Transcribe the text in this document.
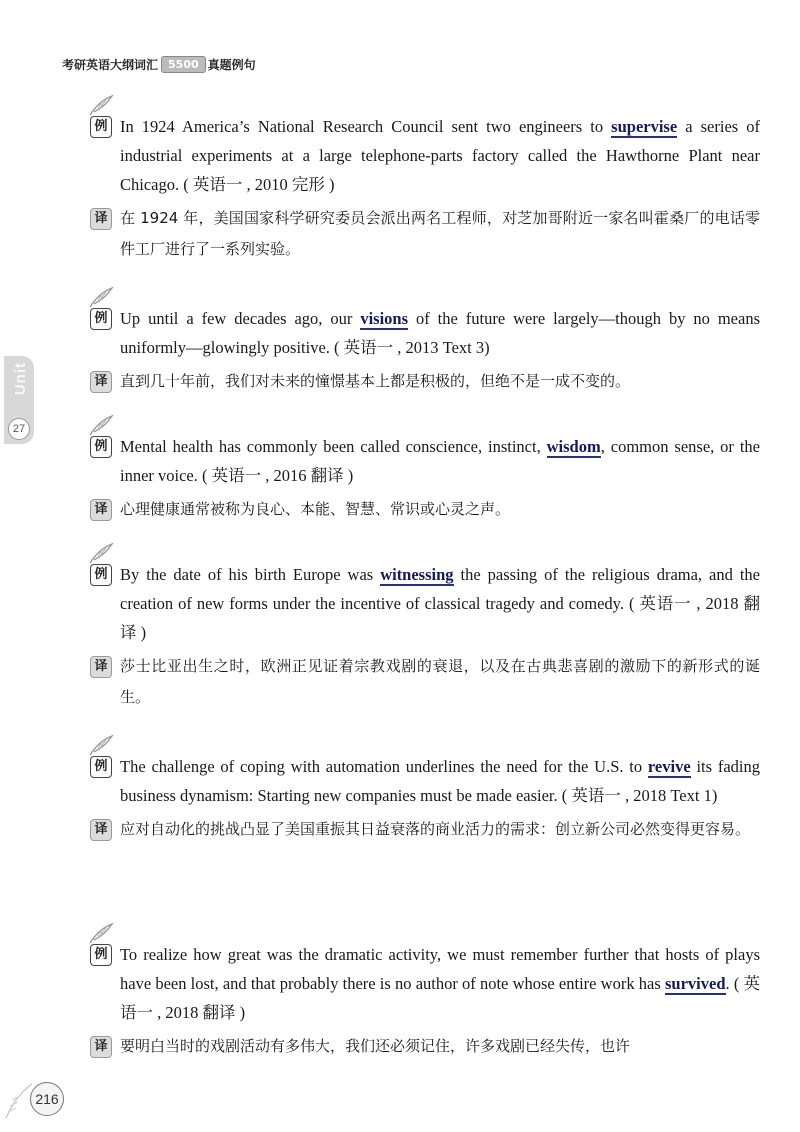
考研英语大纲词汇 5500 真题例句
Unit
27
例 In 1924 America’s National Research Council sent two engineers to supervise a series of industrial experiments at a large telephone-parts factory called the Hawthorne Plant near Chicago. ( 英语一 , 2010 完形 )
译 在 1924 年，美国国家科学研究委员会派出两名工程师，对芝加哥附近一家名叫霍桑厂的电话零件工厂进行了一系列实验。
例 Up until a few decades ago, our visions of the future were largely—though by no means uniformly—glowingly positive. ( 英语一 , 2013 Text 3)
译 直到几十年前，我们对未来的憧憬基本上都是积极的，但绝不是一成不变的。
例 Mental health has commonly been called conscience, instinct, wisdom, common sense, or the inner voice. ( 英语一 , 2016 翻译 )
译 心理健康通常被称为良心、本能、智慧、常识或心灵之声。
例 By the date of his birth Europe was witnessing the passing of the religious drama, and the creation of new forms under the incentive of classical tragedy and comedy. ( 英语一 , 2018 翻译 )
译 莎士比亚出生之时，欧洲正见证着宗教戏剧的衰退，以及在古典悲喜剧的激励下的新形式的诞生。
例 The challenge of coping with automation underlines the need for the U.S. to revive its fading business dynamism: Starting new companies must be made easier. ( 英语一 , 2018 Text 1)
译 应对自动化的挑战凸显了美国重振其日益衰落的商业活力的需求：创立新公司必然变得更容易。
例 To realize how great was the dramatic activity, we must remember further that hosts of plays have been lost, and that probably there is no author of note whose entire work has survived. ( 英语一 , 2018 翻译 )
译 要明白当时的戏剧活动有多伟大，我们还必须记住，许多戏剧已经失传，也许
216
